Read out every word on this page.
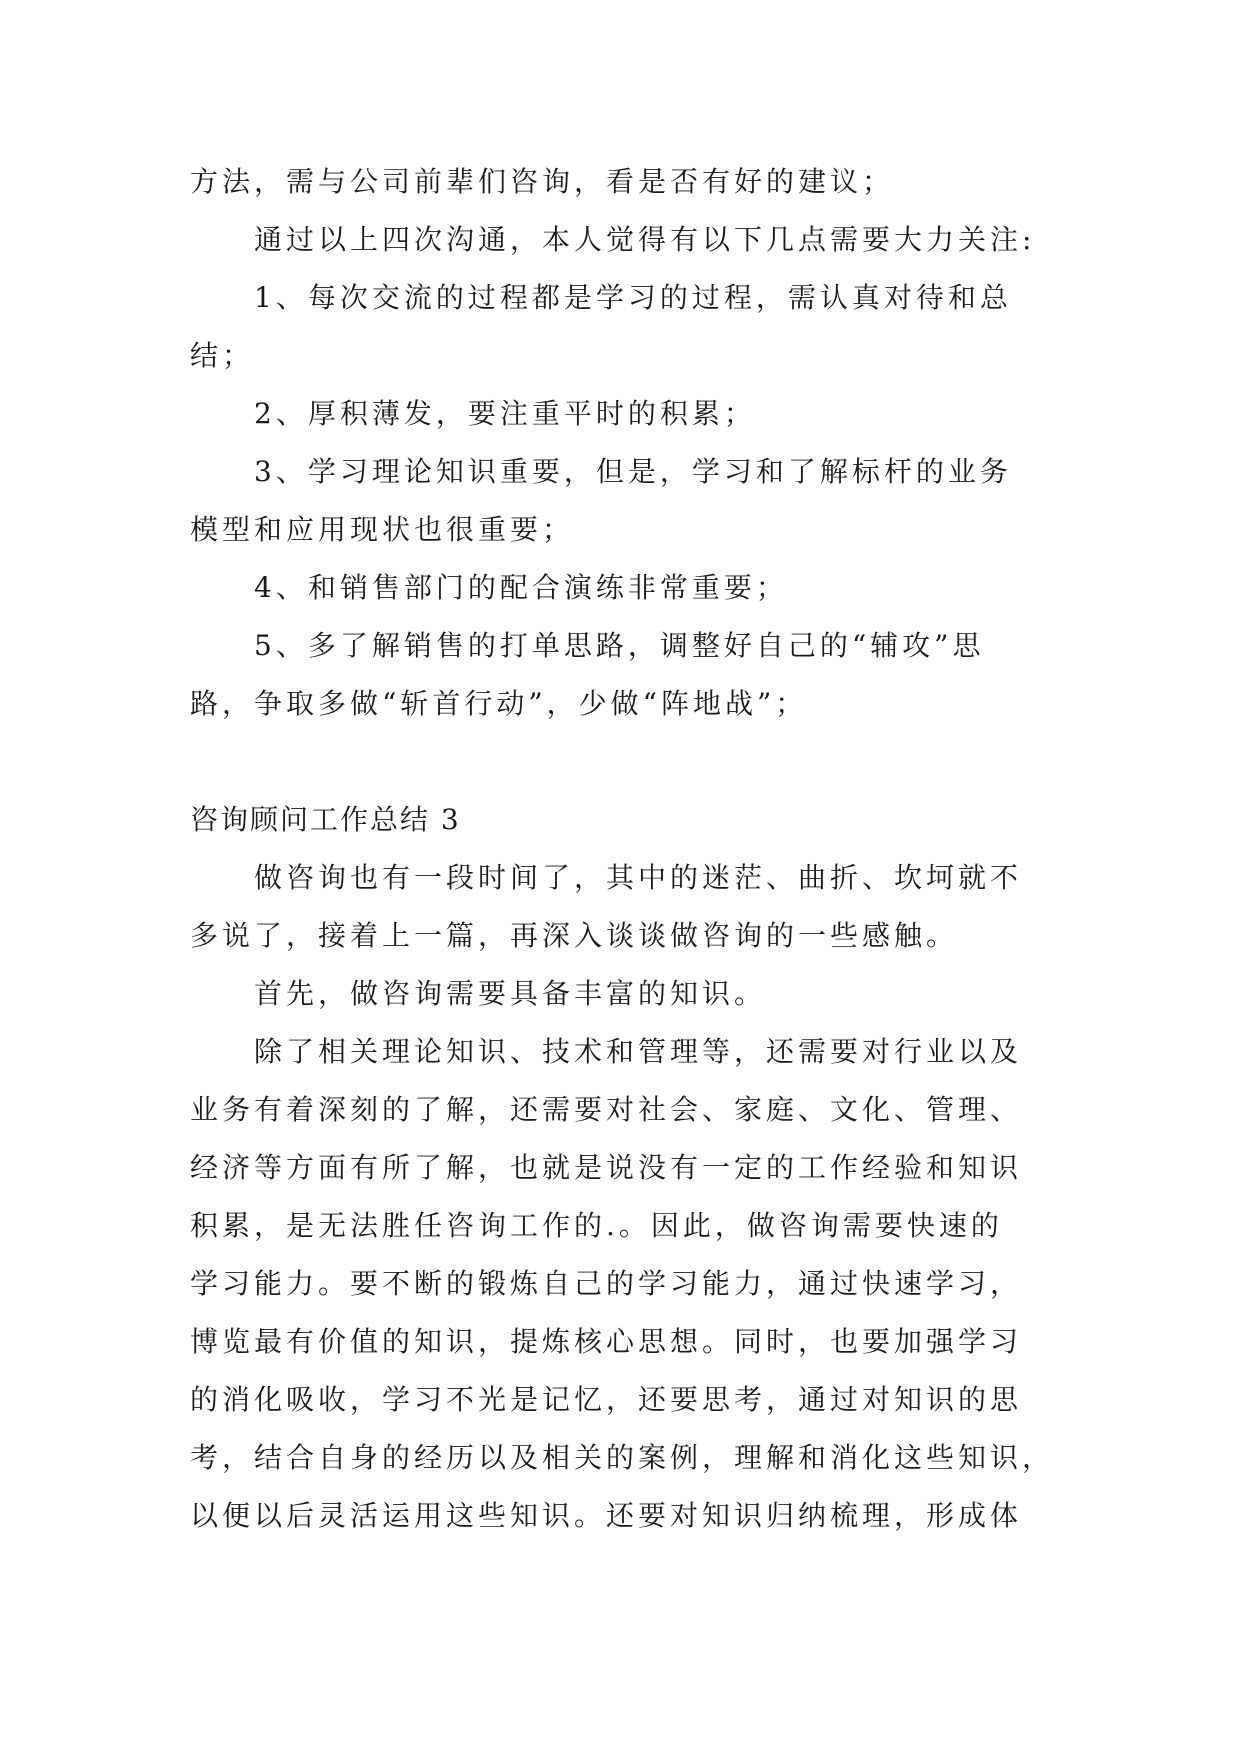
方法，需与公司前辈们咨询，看是否有好的建议；
通过以上四次沟通，本人觉得有以下几点需要大力关注:
1、每次交流的过程都是学习的过程，需认真对待和总
结；
2、厚积薄发，要注重平时的积累；
3、学习理论知识重要，但是，学习和了解标杆的业务
模型和应用现状也很重要；
4、和销售部门的配合演练非常重要；
5、多了解销售的打单思路，调整好自己的“辅攻”思
路，争取多做“斩首行动”，少做“阵地战”；
咨询顾问工作总结 3
做咨询也有一段时间了，其中的迷茫、曲折、坎坷就不
多说了，接着上一篇，再深入谈谈做咨询的一些感触。
首先，做咨询需要具备丰富的知识。
除了相关理论知识、技术和管理等，还需要对行业以及
业务有着深刻的了解，还需要对社会、家庭、文化、管理、
经济等方面有所了解，也就是说没有一定的工作经验和知识
积累，是无法胜任咨询工作的.。因此，做咨询需要快速的
学习能力。要不断的锻炼自己的学习能力，通过快速学习，
博览最有价值的知识，提炼核心思想。同时，也要加强学习
的消化吸收，学习不光是记忆，还要思考，通过对知识的思
考，结合自身的经历以及相关的案例，理解和消化这些知识，
以便以后灵活运用这些知识。还要对知识归纳梳理，形成体
